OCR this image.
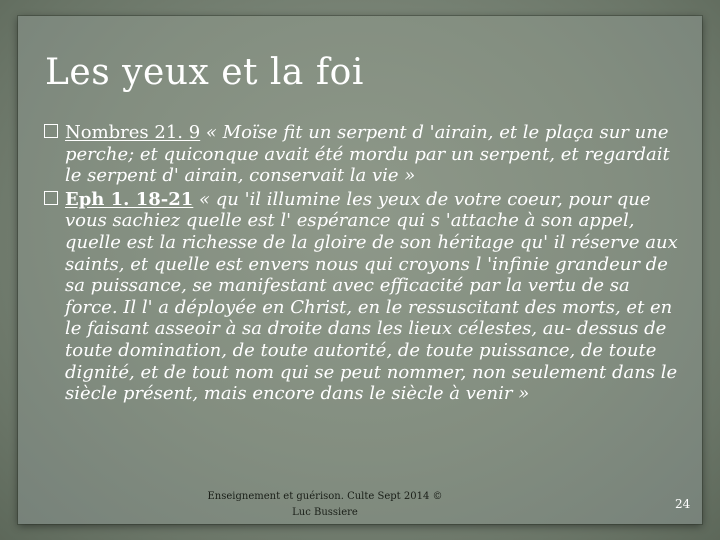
Les yeux et la foi

Nombres 21. 9 « Moïse fit un serpent d 'airain, et le plaça sur une perche; et quiconque avait été mordu par un serpent, et regardait le serpent d' airain, conservait la vie »

Eph 1. 18-21 « qu 'il illumine les yeux de votre coeur, pour que vous sachiez quelle est l' espérance qui s 'attache à son appel, quelle est la richesse de la gloire de son héritage qu' il réserve aux saints, et quelle est envers nous qui croyons l 'infinie grandeur de sa puissance, se manifestant avec efficacité par la vertu de sa force. Il l' a déployée en Christ, en le ressuscitant des morts, et en le faisant asseoir à sa droite dans les lieux célestes, au- dessus de toute domination, de toute autorité, de toute puissance, de toute dignité, et de tout nom qui se peut nommer, non seulement dans le siècle présent, mais encore dans le siècle à venir »

Enseignement et guérison. Culte Sept 2014 ©
Luc Bussiere
24
